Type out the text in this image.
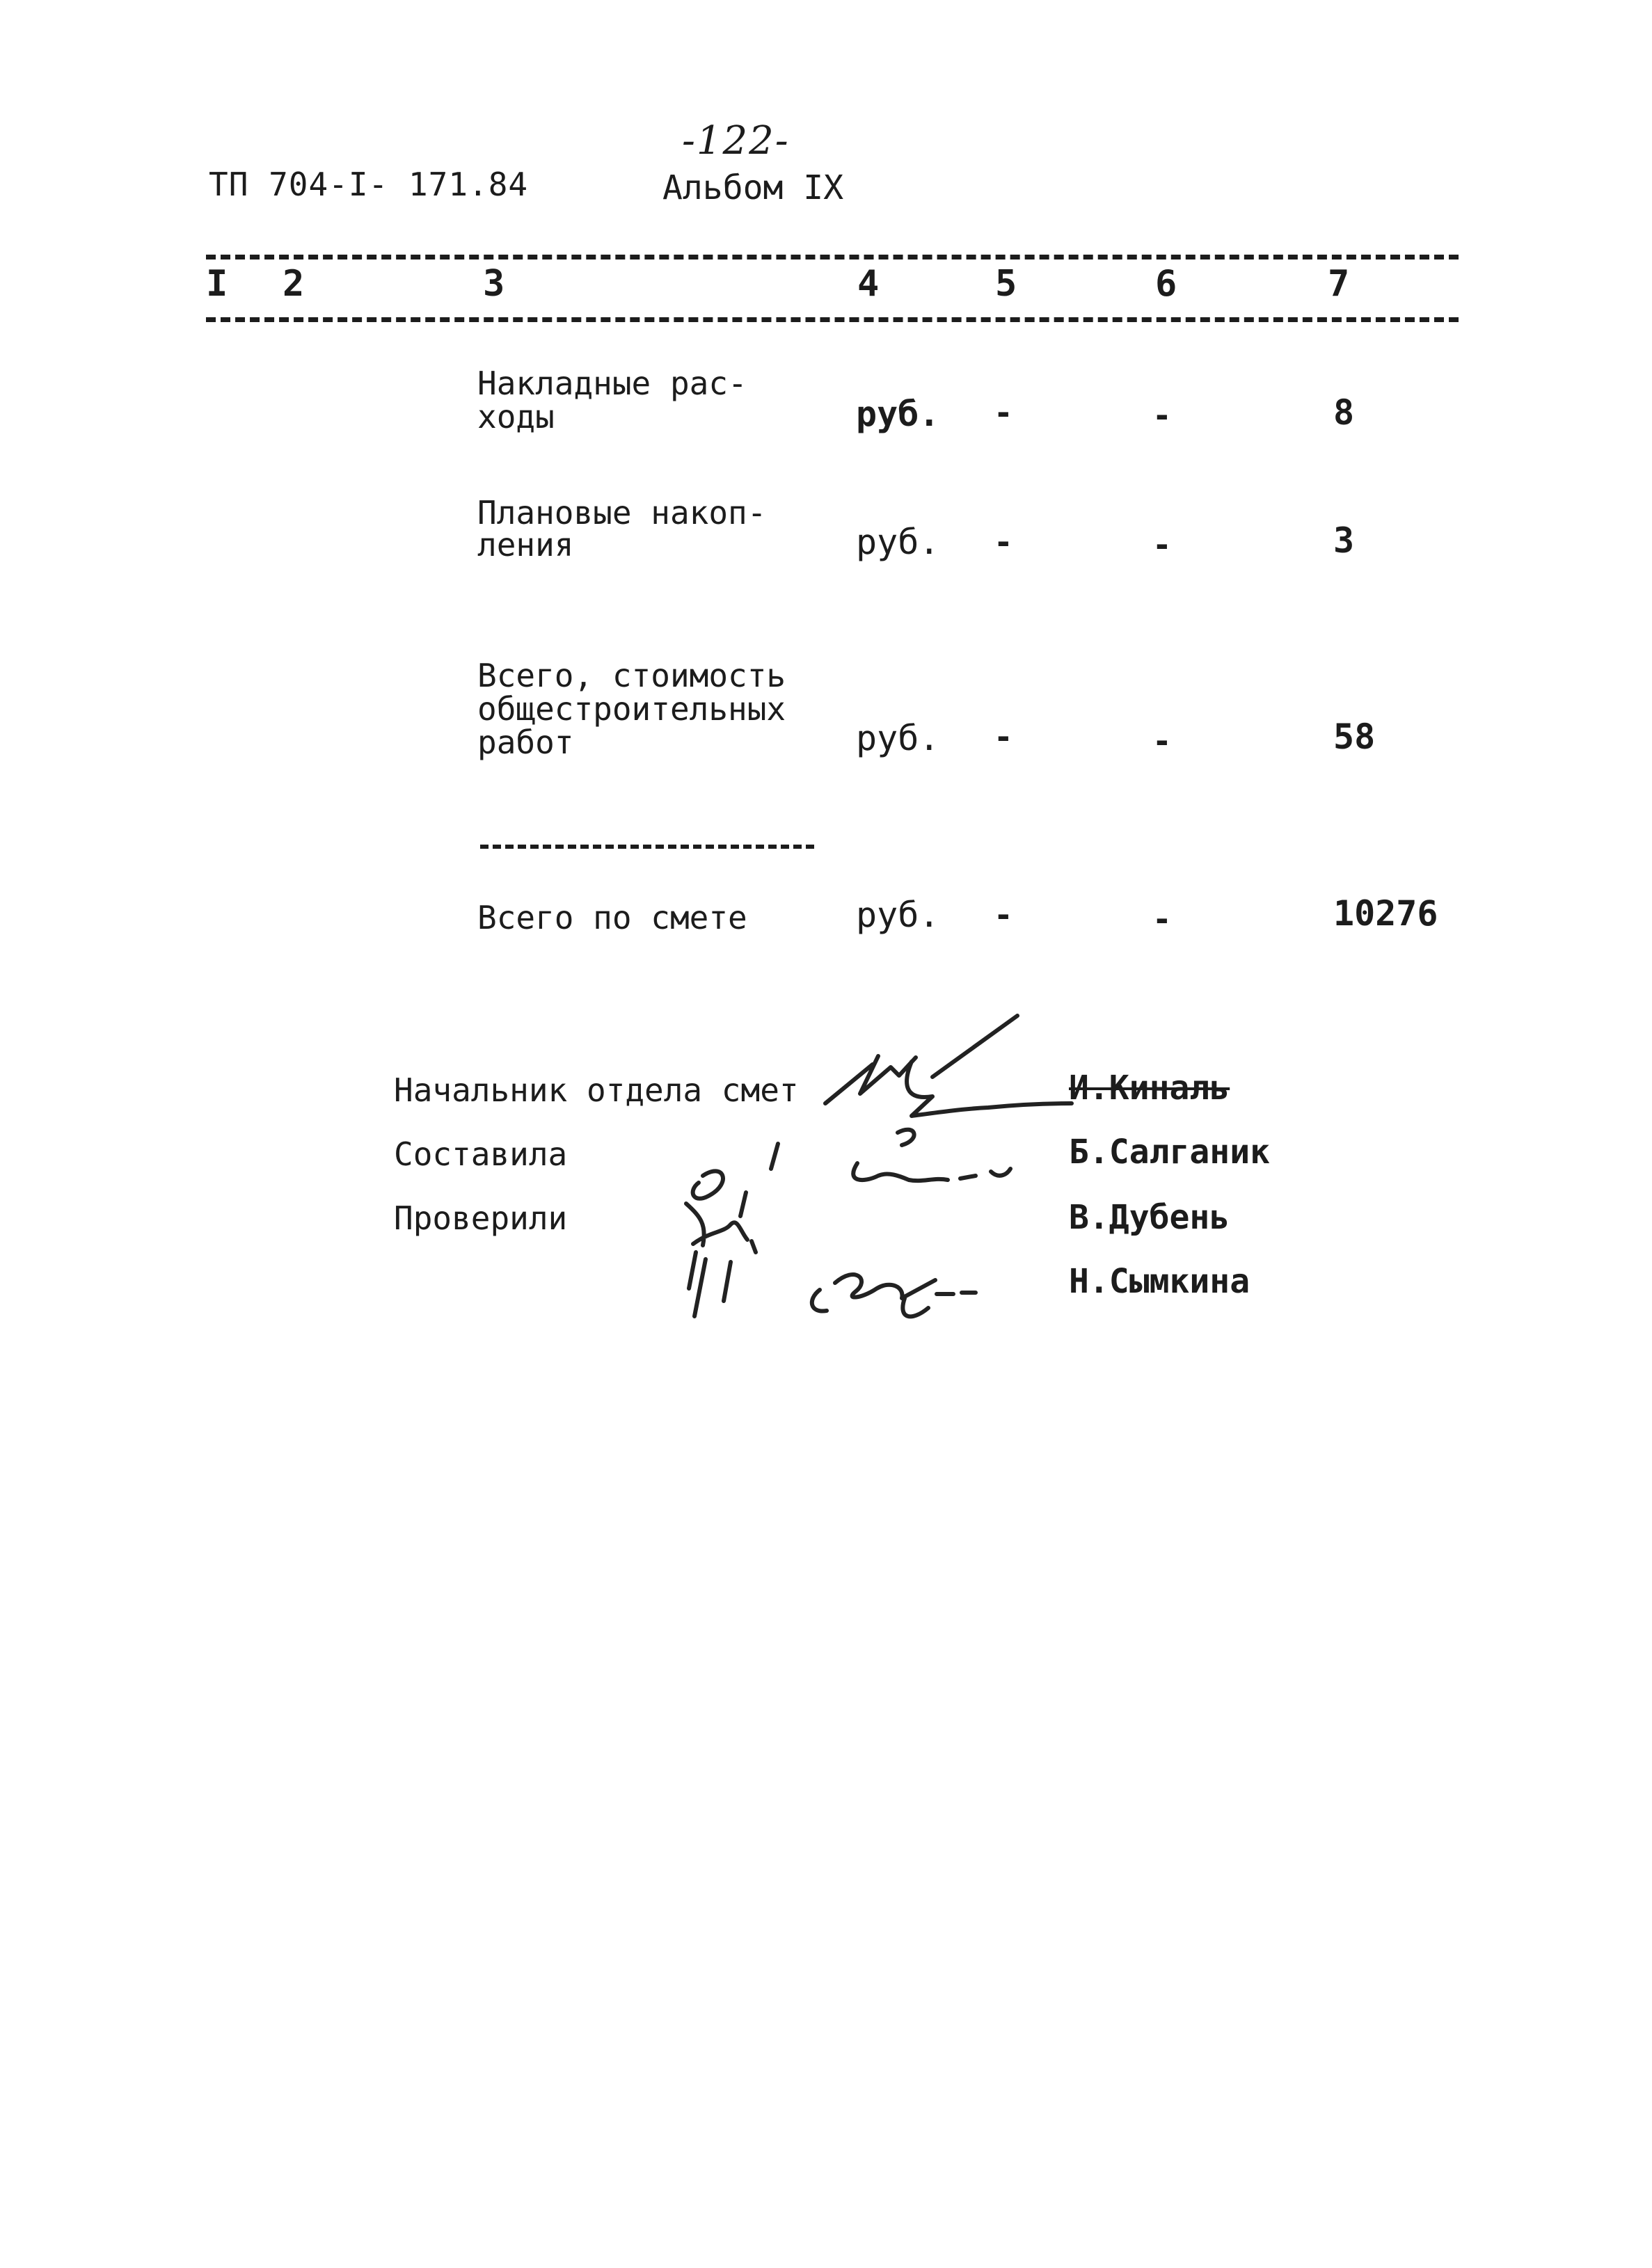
-122-
ТП 704-I- 171.84	Альбом IX
I 2	3	4	5	6	7
Накладные рас-
ходы	руб. -	-	8
Плановые накоп-
ления	руб. -	-	3
Всего, стоимость
общестроительных
работ	руб. -	-	58
Всего по смете	руб. -	-	10276
Начальник отдела смет	И.Киналь
Составила	Б.Салганик
Проверили	В.Дубень
Н.Сымкина
